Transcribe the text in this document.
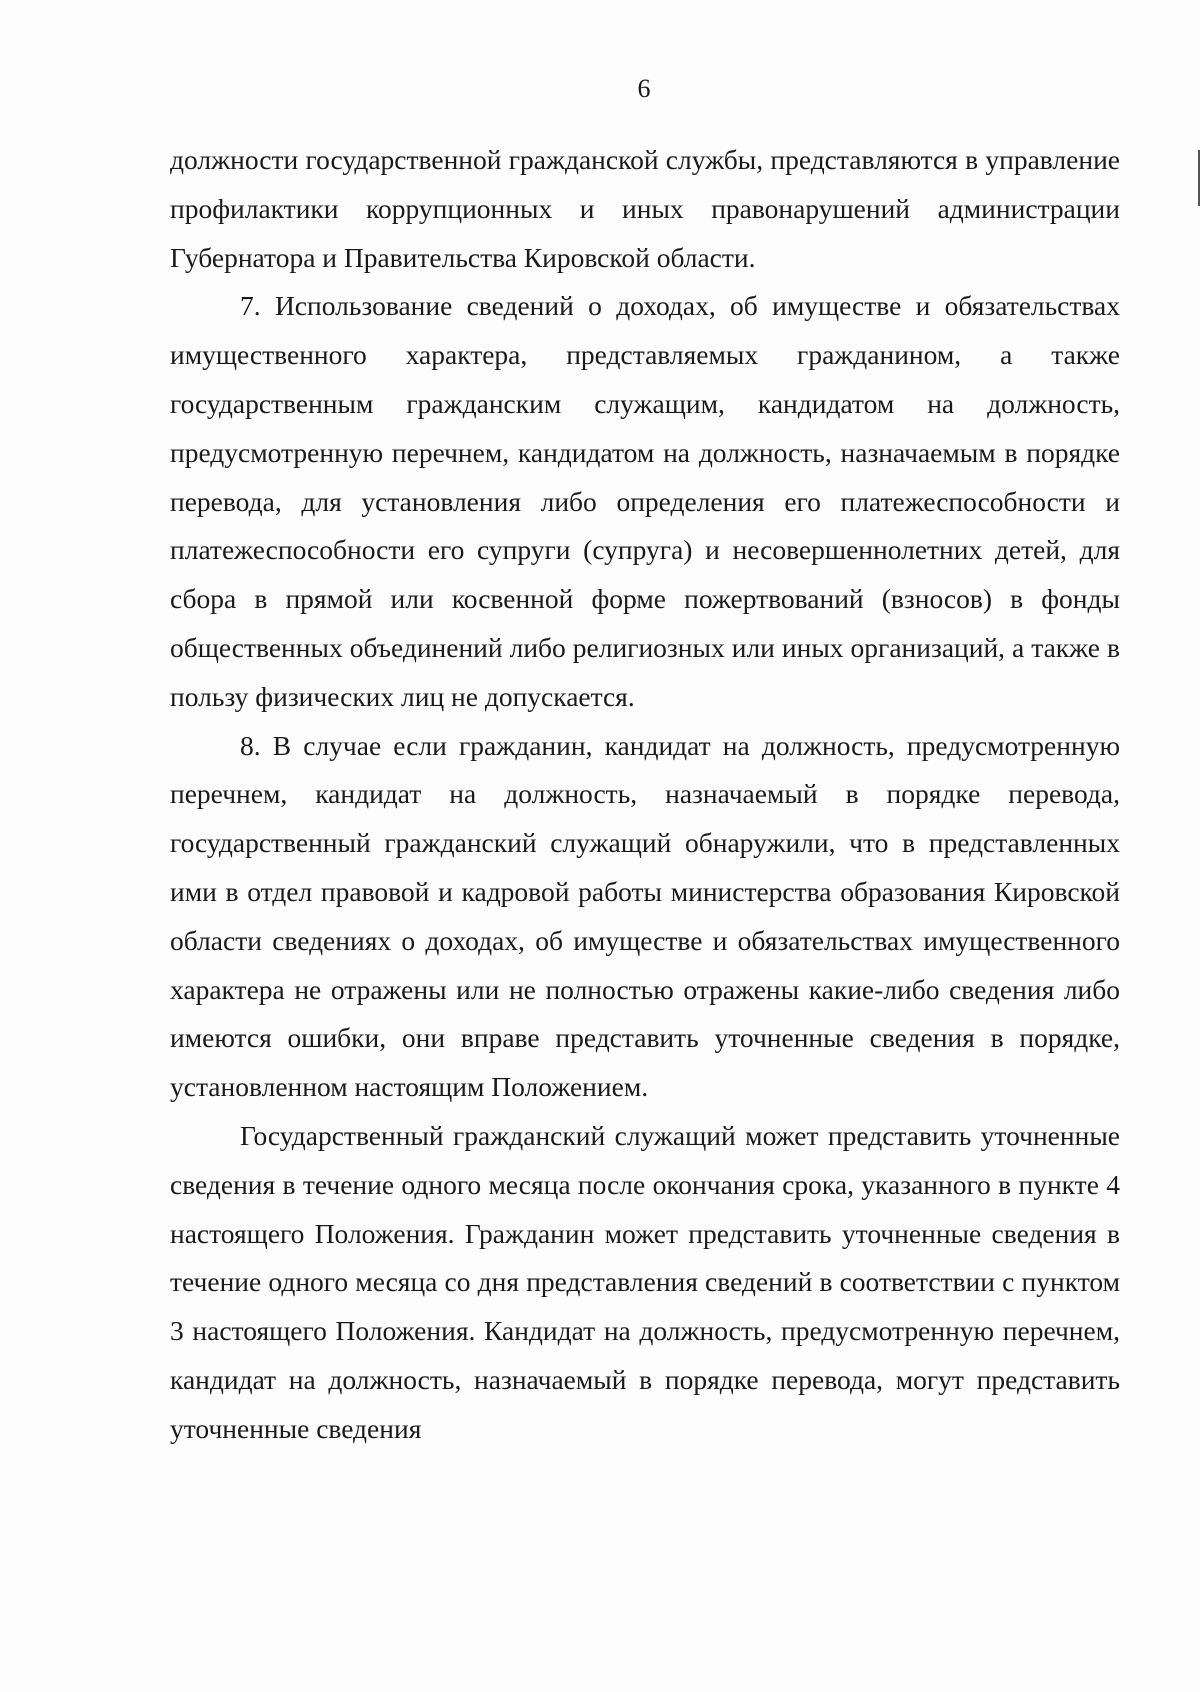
6

должности государственной гражданской службы, представляются в управление профилактики коррупционных и иных правонарушений администрации Губернатора и Правительства Кировской области.

7. Использование сведений о доходах, об имуществе и обязательствах имущественного характера, представляемых гражданином, а также государственным гражданским служащим, кандидатом на должность, предусмотренную перечнем, кандидатом на должность, назначаемым в порядке перевода, для установления либо определения его платежеспособности и платежеспособности его супруги (супруга) и несовершеннолетних детей, для сбора в прямой или косвенной форме пожертвований (взносов) в фонды общественных объединений либо религиозных или иных организаций, а также в пользу физических лиц не допускается.

8. В случае если гражданин, кандидат на должность, предусмотренную перечнем, кандидат на должность, назначаемый в порядке перевода, государственный гражданский служащий обнаружили, что в представленных ими в отдел правовой и кадровой работы министерства образования Кировской области сведениях о доходах, об имуществе и обязательствах имущественного характера не отражены или не полностью отражены какие-либо сведения либо имеются ошибки, они вправе представить уточненные сведения в порядке, установленном настоящим Положением.

Государственный гражданский служащий может представить уточненные сведения в течение одного месяца после окончания срока, указанного в пункте 4 настоящего Положения. Гражданин может представить уточненные сведения в течение одного месяца со дня представления сведений в соответствии с пунктом 3 настоящего Положения. Кандидат на должность, предусмотренную перечнем, кандидат на должность, назначаемый в порядке перевода, могут представить уточненные сведения
